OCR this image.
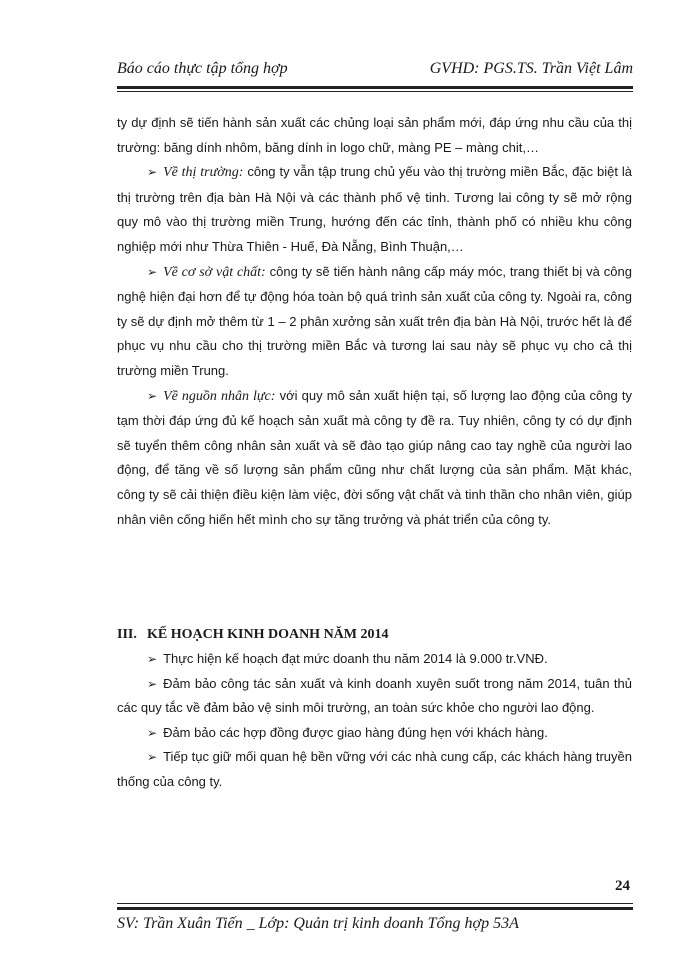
Báo cáo thực tập tổng hợp	GVHD: PGS.TS. Trần Việt Lâm

ty dự định sẽ tiến hành sản xuất các chủng loại sản phẩm mới, đáp ứng nhu cầu của thị trường: băng dính nhôm, băng dính in logo chữ, màng PE – màng chit,…

➢ Về thị trường: công ty vẫn tập trung chủ yếu vào thị trường miền Bắc, đặc biệt là thị trường trên địa bàn Hà Nội và các thành phố vệ tinh. Tương lai công ty sẽ mở rộng quy mô vào thị trường miền Trung, hướng đến các tỉnh, thành phố có nhiều khu công nghiệp mới như Thừa Thiên - Huế, Đà Nẵng, Bình Thuận,…

➢ Về cơ sở vật chất: công ty sẽ tiến hành nâng cấp máy móc, trang thiết bị và công nghệ hiện đại hơn để tự động hóa toàn bộ quá trình sản xuất của công ty. Ngoài ra, công ty sẽ dự định mở thêm từ 1 – 2 phân xưởng sản xuất trên địa bàn Hà Nội, trước hết là để phục vụ nhu cầu cho thị trường miền Bắc và tương lai sau này sẽ phục vụ cho cả thị trường miền Trung.

➢ Về nguồn nhân lực: với quy mô sản xuất hiện tại, số lượng lao động của công ty tạm thời đáp ứng đủ kế hoạch sản xuất mà công ty đề ra. Tuy nhiên, công ty có dự định sẽ tuyển thêm công nhân sản xuất và sẽ đào tạo giúp nâng cao tay nghề của người lao động, để tăng về số lượng sản phẩm cũng như chất lượng của sản phẩm. Mặt khác, công ty sẽ cải thiện điều kiện làm việc, đời sống vật chất và tinh thần cho nhân viên, giúp nhân viên cống hiến hết mình cho sự tăng trưởng và phát triển của công ty.

III. KẾ HOẠCH KINH DOANH NĂM 2014

➢ Thực hiện kế hoạch đạt mức doanh thu năm 2014 là 9.000 tr.VNĐ.

➢ Đảm bảo công tác sản xuất và kinh doanh xuyên suốt trong năm 2014, tuân thủ các quy tắc về đảm bảo vệ sinh môi trường, an toàn sức khỏe cho người lao động.

➢ Đảm bảo các hợp đồng được giao hàng đúng hẹn với khách hàng.

➢ Tiếp tục giữ mối quan hệ bền vững với các nhà cung cấp, các khách hàng truyền thống của công ty.

24
SV: Trần Xuân Tiến _ Lớp: Quản trị kinh doanh Tổng hợp 53A
